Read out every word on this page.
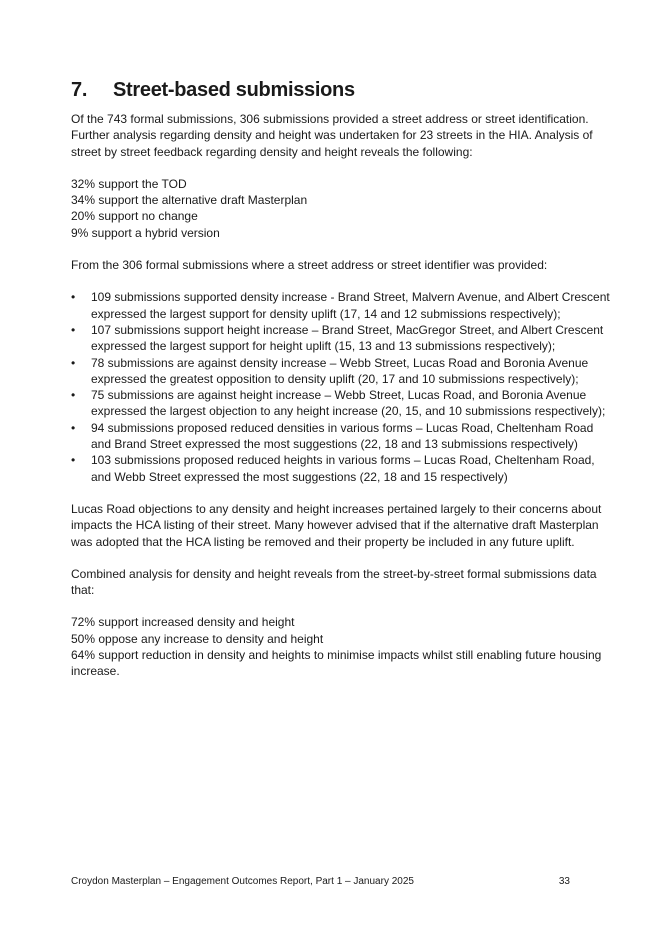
7.	Street-based submissions

Of the 743 formal submissions, 306 submissions provided a street address or street identification. Further analysis regarding density and height was undertaken for 23 streets in the HIA. Analysis of street by street feedback regarding density and height reveals the following:

32% support the TOD

34% support the alternative draft Masterplan

20% support no change

9% support a hybrid version

From the 306 formal submissions where a street address or street identifier was provided:

•	109 submissions supported density increase - Brand Street, Malvern Avenue, and Albert Crescent expressed the largest support for density uplift (17, 14 and 12 submissions respectively);
•	107 submissions support height increase – Brand Street, MacGregor Street, and Albert Crescent expressed the largest support for height uplift (15, 13 and 13 submissions respectively);
•	78 submissions are against density increase – Webb Street, Lucas Road and Boronia Avenue expressed the greatest opposition to density uplift (20, 17 and 10 submissions respectively);
•	75 submissions are against height increase – Webb Street, Lucas Road, and Boronia Avenue expressed the largest objection to any height increase (20, 15, and 10 submissions respectively);
•	94 submissions proposed reduced densities in various forms – Lucas Road, Cheltenham Road and Brand Street expressed the most suggestions (22, 18 and 13 submissions respectively)
•	103 submissions proposed reduced heights in various forms – Lucas Road, Cheltenham Road, and Webb Street expressed the most suggestions (22, 18 and 15 respectively)

Lucas Road objections to any density and height increases pertained largely to their concerns about impacts the HCA listing of their street. Many however advised that if the alternative draft Masterplan was adopted that the HCA listing be removed and their property be included in any future uplift.

Combined analysis for density and height reveals from the street-by-street formal submissions data that:

72% support increased density and height

50% oppose any increase to density and height

64% support reduction in density and heights to minimise impacts whilst still enabling future housing increase.

Croydon Masterplan – Engagement Outcomes Report, Part 1 – January 2025	33
